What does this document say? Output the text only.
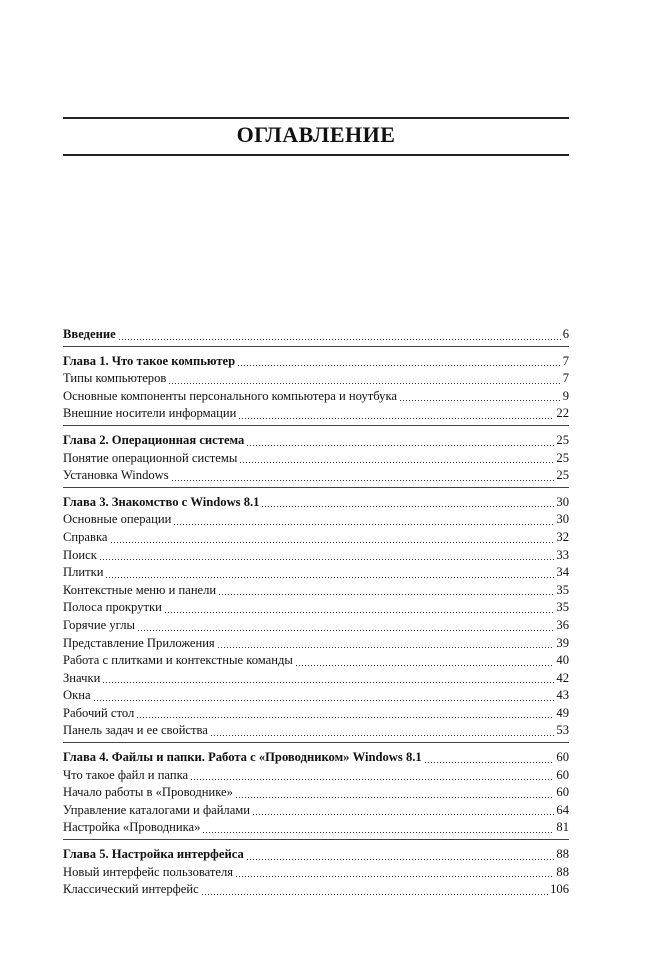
ОГЛАВЛЕНИЕ
Введение	6
Глава 1. Что такое компьютер	7
Типы компьютеров	7
Основные компоненты персонального компьютера и ноутбука	9
Внешние носители информации	22
Глава 2. Операционная система	25
Понятие операционной системы	25
Установка Windows	25
Глава 3. Знакомство с Windows 8.1	30
Основные операции	30
Справка	32
Поиск	33
Плитки	34
Контекстные меню и панели	35
Полоса прокрутки	35
Горячие углы	36
Представление Приложения	39
Работа с плитками и контекстные команды	40
Значки	42
Окна	43
Рабочий стол	49
Панель задач и ее свойства	53
Глава 4. Файлы и папки. Работа с «Проводником» Windows 8.1	60
Что такое файл и папка	60
Начало работы в «Проводнике»	60
Управление каталогами и файлами	64
Настройка «Проводника»	81
Глава 5. Настройка интерфейса	88
Новый интерфейс пользователя	88
Классический интерфейс	106
